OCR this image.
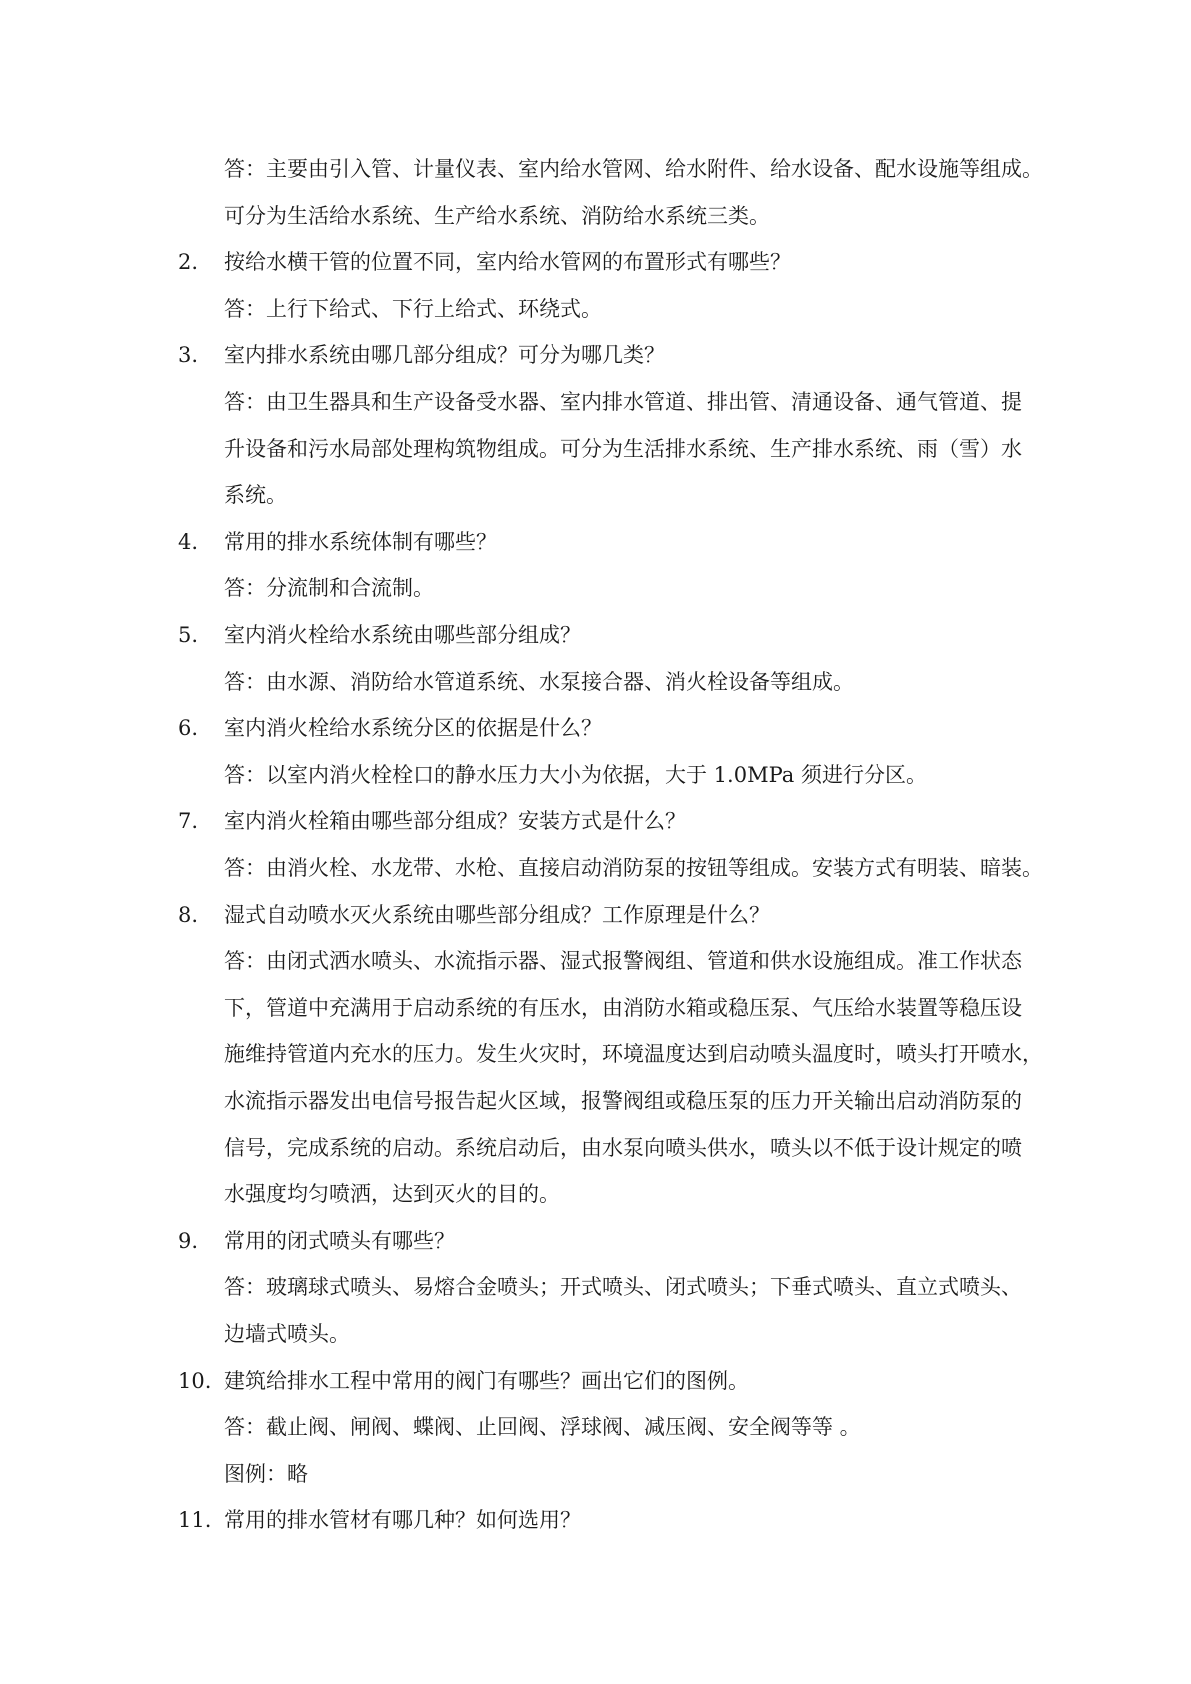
答：主要由引入管、计量仪表、室内给水管网、给水附件、给水设备、配水设施等组成。
可分为生活给水系统、生产给水系统、消防给水系统三类。
2. 按给水横干管的位置不同，室内给水管网的布置形式有哪些？
答：上行下给式、下行上给式、环绕式。
3. 室内排水系统由哪几部分组成？可分为哪几类？
答：由卫生器具和生产设备受水器、室内排水管道、排出管、清通设备、通气管道、提
升设备和污水局部处理构筑物组成。可分为生活排水系统、生产排水系统、雨（雪）水
系统。
4. 常用的排水系统体制有哪些？
答：分流制和合流制。
5. 室内消火栓给水系统由哪些部分组成？
答：由水源、消防给水管道系统、水泵接合器、消火栓设备等组成。
6. 室内消火栓给水系统分区的依据是什么？
答：以室内消火栓栓口的静水压力大小为依据，大于 1.0MPa 须进行分区。
7. 室内消火栓箱由哪些部分组成？安装方式是什么？
答：由消火栓、水龙带、水枪、直接启动消防泵的按钮等组成。安装方式有明装、暗装。
8. 湿式自动喷水灭火系统由哪些部分组成？工作原理是什么？
答：由闭式洒水喷头、水流指示器、湿式报警阀组、管道和供水设施组成。准工作状态
下，管道中充满用于启动系统的有压水，由消防水箱或稳压泵、气压给水装置等稳压设
施维持管道内充水的压力。发生火灾时，环境温度达到启动喷头温度时，喷头打开喷水，
水流指示器发出电信号报告起火区域，报警阀组或稳压泵的压力开关输出启动消防泵的
信号，完成系统的启动。系统启动后，由水泵向喷头供水，喷头以不低于设计规定的喷
水强度均匀喷洒，达到灭火的目的。
9. 常用的闭式喷头有哪些？
答：玻璃球式喷头、易熔合金喷头；开式喷头、闭式喷头；下垂式喷头、直立式喷头、
边墙式喷头。
10. 建筑给排水工程中常用的阀门有哪些？画出它们的图例。
答：截止阀、闸阀、蝶阀、止回阀、浮球阀、减压阀、安全阀等等 。
图例：略
11. 常用的排水管材有哪几种？如何选用？
